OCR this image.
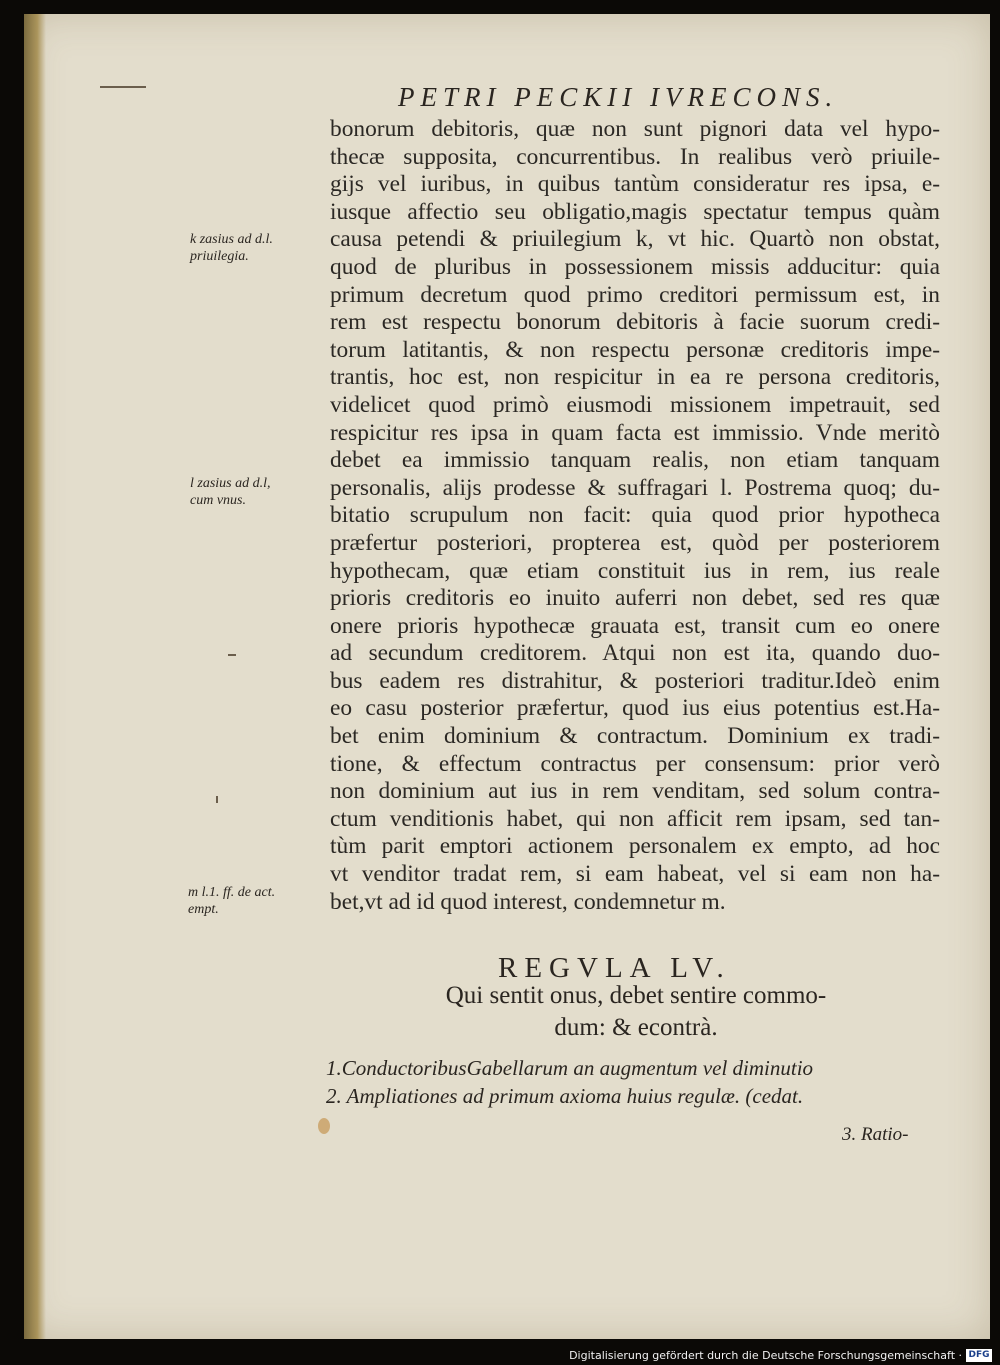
PETRI PECKII IVRECONS.
bonorum debitoris, quæ non sunt pignori data vel hypo-
thecæ supposita, concurrentibus. In realibus verò priuile-
gijs vel iuribus, in quibus tantùm consideratur res ipsa, e-
iusque affectio seu obligatio,magis spectatur tempus quàm
causa petendi & priuilegium k, vt hic. Quartò non obstat,
quod de pluribus in possessionem missis adducitur: quia
primum decretum quod primo creditori permissum est, in
rem est respectu bonorum debitoris à facie suorum credi-
torum latitantis, & non respectu personæ creditoris impe-
trantis, hoc est, non respicitur in ea re persona creditoris,
videlicet quod primò eiusmodi missionem impetrauit, sed
respicitur res ipsa in quam facta est immissio. Vnde meritò
debet ea immissio tanquam realis, non etiam tanquam
personalis, alijs prodesse & suffragari l. Postrema quoq; du-
bitatio scrupulum non facit: quia quod prior hypotheca
præfertur posteriori, propterea est, quòd per posteriorem
hypothecam, quæ etiam constituit ius in rem, ius reale
prioris creditoris eo inuito auferri non debet, sed res quæ
onere prioris hypothecæ grauata est, transit cum eo onere
ad secundum creditorem. Atqui non est ita, quando duo-
bus eadem res distrahitur, & posteriori traditur.Ideò enim
eo casu posterior præfertur, quod ius eius potentius est.Ha-
bet enim dominium & contractum. Dominium ex tradi-
tione, & effectum contractus per consensum: prior verò
non dominium aut ius in rem venditam, sed solum contra-
ctum venditionis habet, qui non afficit rem ipsam, sed tan-
tùm parit emptori actionem personalem ex empto, ad hoc
vt venditor tradat rem, si eam habeat, vel si eam non ha-
bet,vt ad id quod interest, condemnetur m.
k zasius ad d.l.
priuilegia.
l zasius ad d.l,
cum vnus.
m l.1. ff. de act.
empt.
REGVLA LV.
Qui sentit onus, debet sentire commo-
dum: & econtrà.
1.ConductoribusGabellarum an augmentum vel diminutio
2. Ampliationes ad primum axioma huius regulæ. (cedat.
3. Ratio-
Digitalisierung gefördert durch die Deutsche Forschungsgemeinschaft · DFG
